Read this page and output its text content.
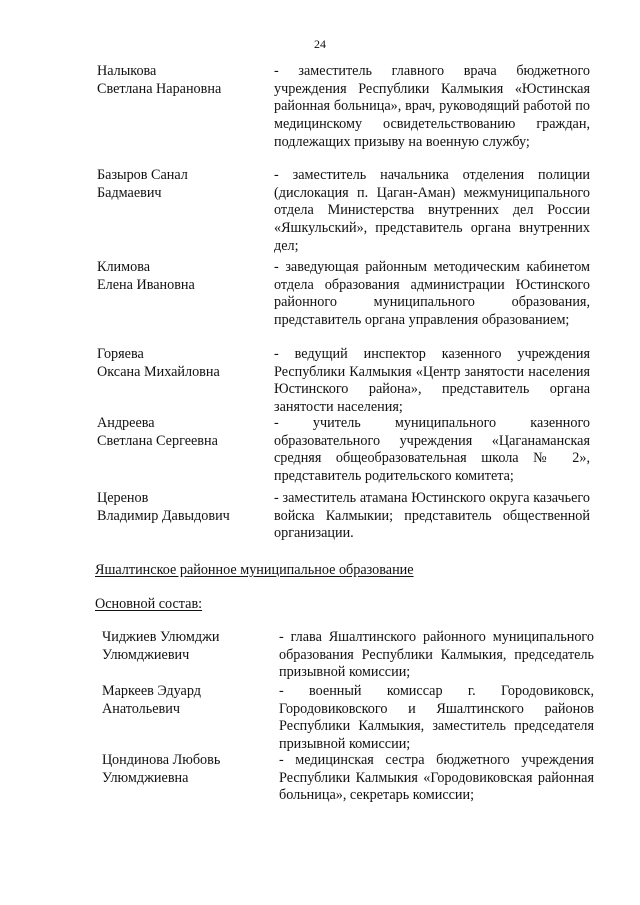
24
Налыкова
Светлана Нарановна
- заместитель главного врача бюджетного учреждения Республики Калмыкия «Юстинская районная больница», врач, руководящий работой по медицинскому освидетельствованию граждан, подлежащих призыву на военную службу;
Базыров Санал
Бадмаевич
- заместитель начальника отделения полиции (дислокация п. Цаган-Аман) межмуниципального отдела Министерства внутренних дел России «Яшкульский», представитель органа внутренних дел;
Климова
Елена Ивановна
- заведующая районным методическим кабинетом отдела образования администрации Юстинского районного муниципального образования, представитель органа управления образованием;
Горяева
Оксана Михайловна
- ведущий инспектор казенного учреждения Республики Калмыкия «Центр занятости населения Юстинского района», представитель органа занятости населения;
Андреева
Светлана Сергеевна
- учитель муниципального казенного образовательного учреждения «Цаганаманская средняя общеобразовательная школа № 2», представитель родительского комитета;
Церенов
Владимир Давыдович
- заместитель атамана Юстинского округа казачьего войска Калмыкии; представитель общественной организации.
Яшалтинское районное муниципальное образование
Основной состав:
Чиджиев Улюмджи
Улюмджиевич
- глава Яшалтинского районного муниципального образования Республики Калмыкия, председатель призывной комиссии;
Маркеев Эдуард
Анатольевич
- военный комиссар г. Городовиковск, Городовиковского и Яшалтинского районов Республики Калмыкия, заместитель председателя призывной комиссии;
Цондинова Любовь
Улюмджиевна
- медицинская сестра бюджетного учреждения Республики Калмыкия «Городовиковская районная больница», секретарь комиссии;
